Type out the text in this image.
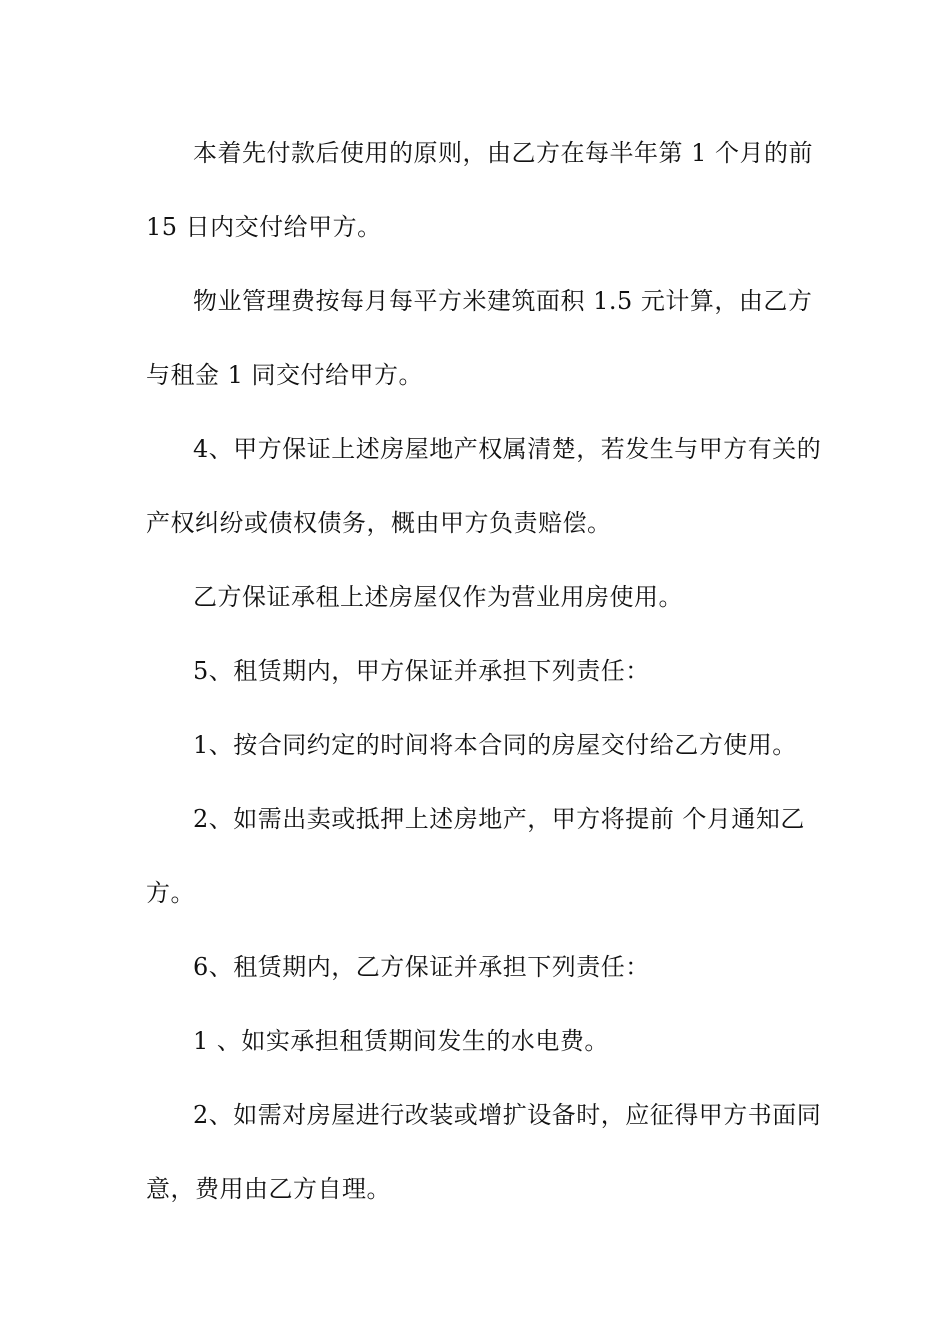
本着先付款后使用的原则，由乙方在每半年第 1 个月的前
15 日内交付给甲方。
物业管理费按每月每平方米建筑面积 1.5 元计算，由乙方
与租金 1 同交付给甲方。
4、甲方保证上述房屋地产权属清楚，若发生与甲方有关的
产权纠纷或债权债务，概由甲方负责赔偿。
乙方保证承租上述房屋仅作为营业用房使用。
5、租赁期内，甲方保证并承担下列责任：
1、按合同约定的时间将本合同的房屋交付给乙方使用。
2、如需出卖或抵押上述房地产，甲方将提前 个月通知乙
方。
6、租赁期内，乙方保证并承担下列责任：
1 、如实承担租赁期间发生的水电费。
2、如需对房屋进行改装或增扩设备时，应征得甲方书面同
意，费用由乙方自理。
